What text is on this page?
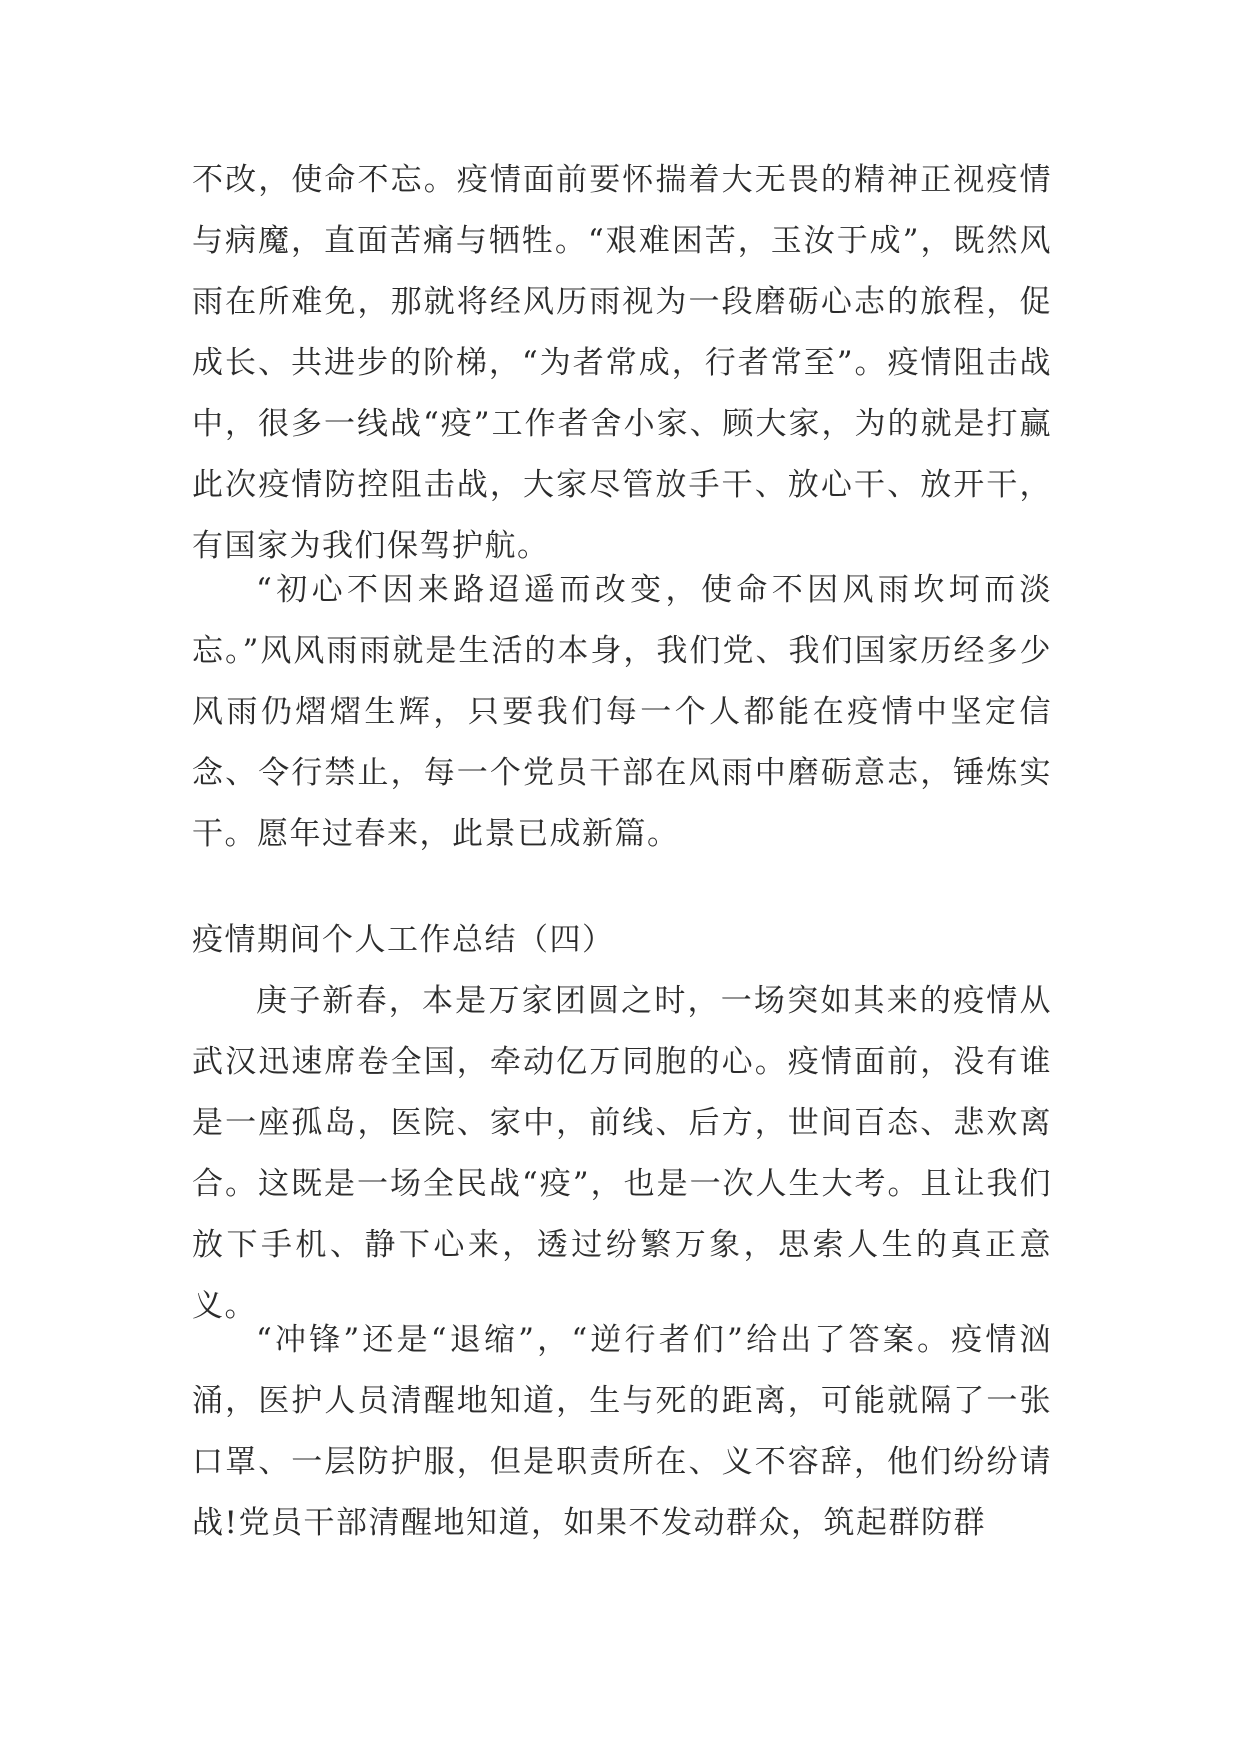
不改，使命不忘。疫情面前要怀揣着大无畏的精神正视疫情与病魔，直面苦痛与牺牲。“艰难困苦，玉汝于成”，既然风雨在所难免，那就将经风历雨视为一段磨砺心志的旅程，促成长、共进步的阶梯，“为者常成，行者常至”。疫情阻击战中，很多一线战“疫”工作者舍小家、顾大家，为的就是打赢此次疫情防控阻击战，大家尽管放手干、放心干、放开干，有国家为我们保驾护航。

“初心不因来路迢遥而改变，使命不因风雨坎坷而淡忘。”风风雨雨就是生活的本身，我们党、我们国家历经多少风雨仍熠熠生辉，只要我们每一个人都能在疫情中坚定信念、令行禁止，每一个党员干部在风雨中磨砺意志，锤炼实干。愿年过春来，此景已成新篇。

疫情期间个人工作总结（四）

庚子新春，本是万家团圆之时，一场突如其来的疫情从武汉迅速席卷全国，牵动亿万同胞的心。疫情面前，没有谁是一座孤岛，医院、家中，前线、后方，世间百态、悲欢离合。这既是一场全民战“疫”，也是一次人生大考。且让我们放下手机、静下心来，透过纷繁万象，思索人生的真正意义。

“冲锋”还是“退缩”，“逆行者们”给出了答案。疫情汹涌，医护人员清醒地知道，生与死的距离，可能就隔了一张口罩、一层防护服，但是职责所在、义不容辞，他们纷纷请战!党员干部清醒地知道，如果不发动群众，筑起群防群
